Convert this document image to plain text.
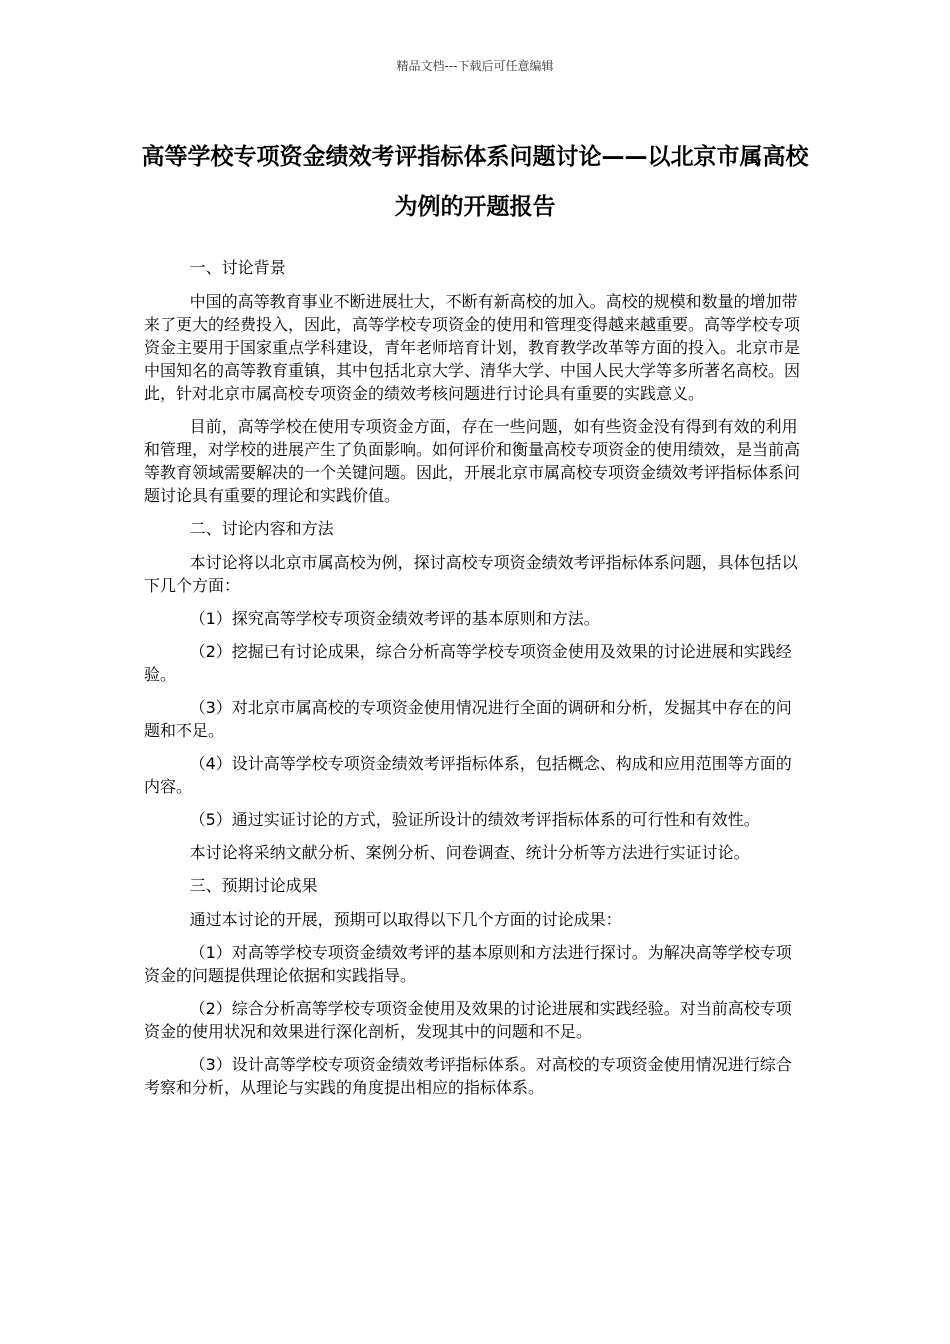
精品文档---下载后可任意编辑
高等学校专项资金绩效考评指标体系问题讨论——以北京市属高校为例的开题报告

一、讨论背景

中国的高等教育事业不断进展壮大，不断有新高校的加入。高校的规模和数量的增加带来了更大的经费投入，因此，高等学校专项资金的使用和管理变得越来越重要。高等学校专项资金主要用于国家重点学科建设，青年老师培育计划，教育教学改革等方面的投入。北京市是中国知名的高等教育重镇，其中包括北京大学、清华大学、中国人民大学等多所著名高校。因此，针对北京市属高校专项资金的绩效考核问题进行讨论具有重要的实践意义。

目前，高等学校在使用专项资金方面，存在一些问题，如有些资金没有得到有效的利用和管理，对学校的进展产生了负面影响。如何评价和衡量高校专项资金的使用绩效，是当前高等教育领域需要解决的一个关键问题。因此，开展北京市属高校专项资金绩效考评指标体系问题讨论具有重要的理论和实践价值。

二、讨论内容和方法

本讨论将以北京市属高校为例，探讨高校专项资金绩效考评指标体系问题，具体包括以下几个方面：

（1）探究高等学校专项资金绩效考评的基本原则和方法。

（2）挖掘已有讨论成果，综合分析高等学校专项资金使用及效果的讨论进展和实践经验。

（3）对北京市属高校的专项资金使用情况进行全面的调研和分析，发掘其中存在的问题和不足。

（4）设计高等学校专项资金绩效考评指标体系，包括概念、构成和应用范围等方面的内容。

（5）通过实证讨论的方式，验证所设计的绩效考评指标体系的可行性和有效性。

本讨论将采纳文献分析、案例分析、问卷调查、统计分析等方法进行实证讨论。

三、预期讨论成果

通过本讨论的开展，预期可以取得以下几个方面的讨论成果：

（1）对高等学校专项资金绩效考评的基本原则和方法进行探讨。为解决高等学校专项资金的问题提供理论依据和实践指导。

（2）综合分析高等学校专项资金使用及效果的讨论进展和实践经验。对当前高校专项资金的使用状况和效果进行深化剖析，发现其中的问题和不足。

（3）设计高等学校专项资金绩效考评指标体系。对高校的专项资金使用情况进行综合考察和分析，从理论与实践的角度提出相应的指标体系。
